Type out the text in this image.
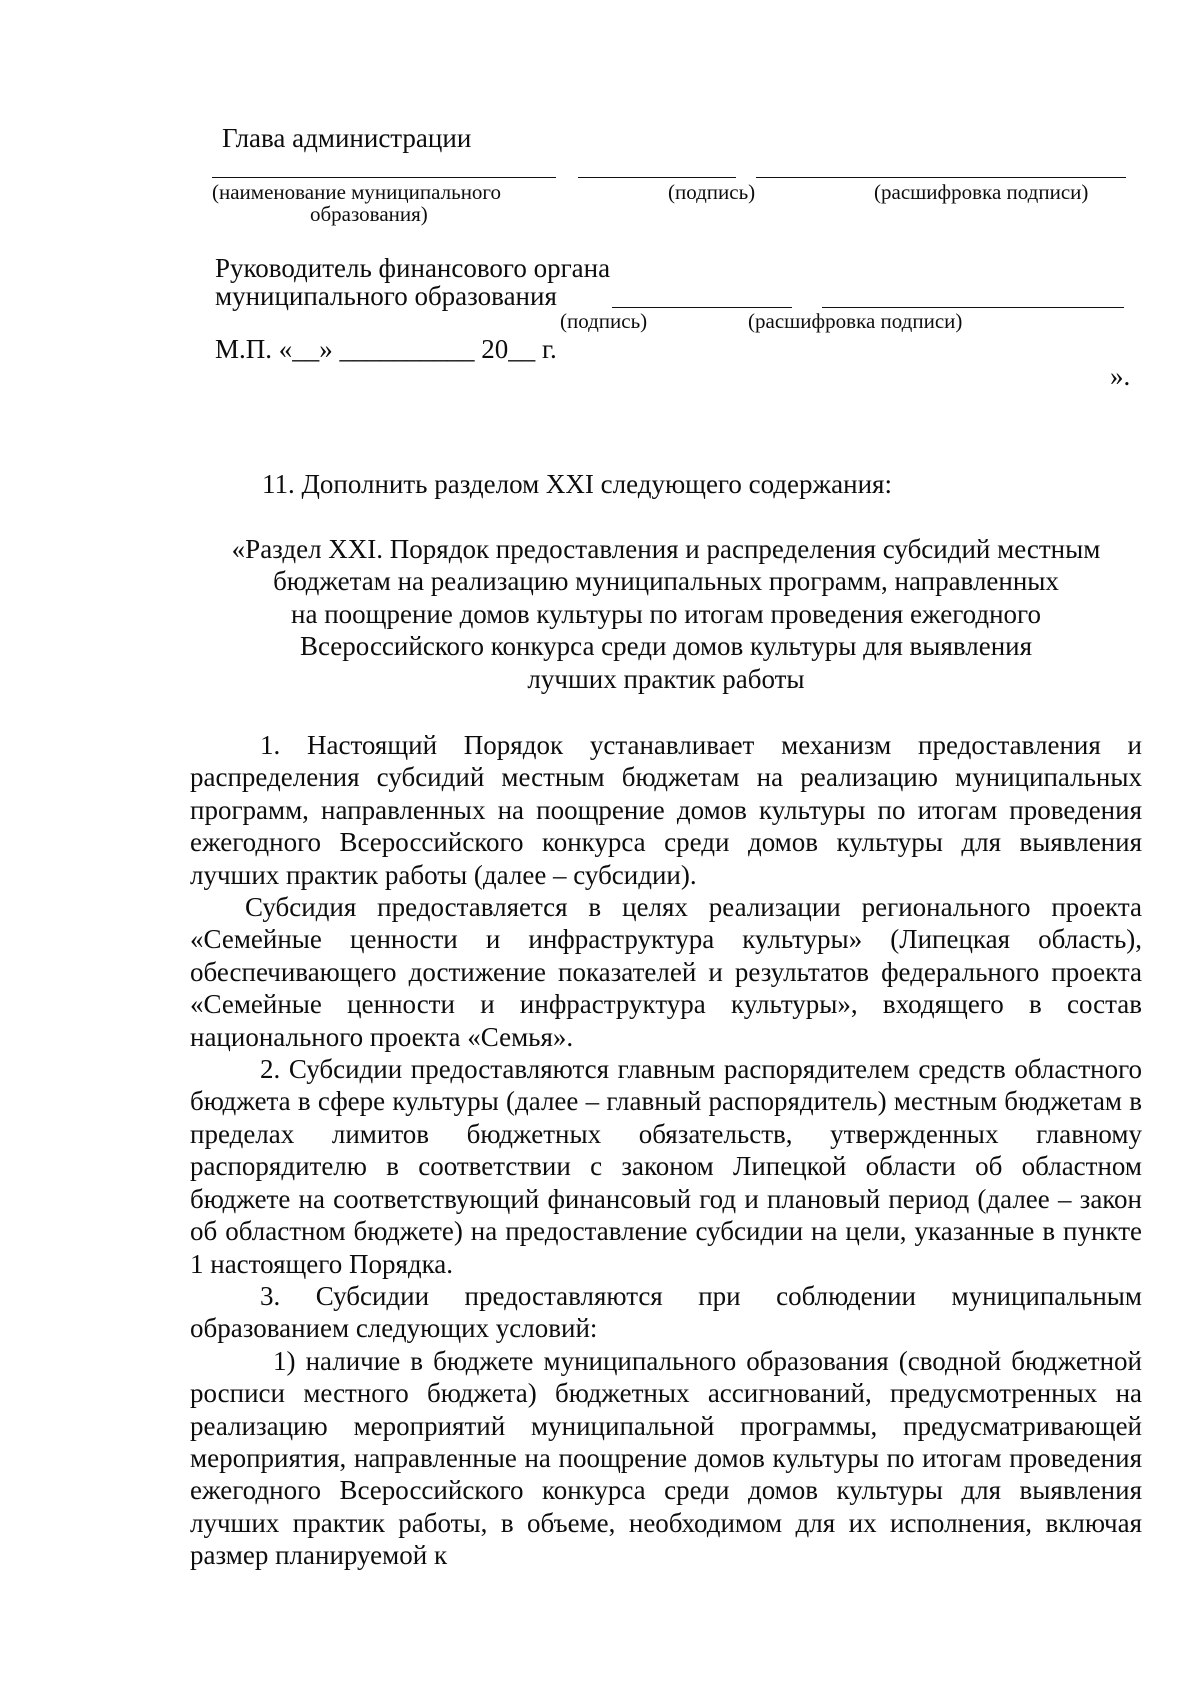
Глава администрации
(наименование муниципального
образования)
(подпись)	(расшифровка подписи)
Руководитель финансового органа
муниципального образования
(подпись)	(расшифровка подписи)
М.П. «__» __________ 20__ г.
».
11. Дополнить разделом XXI следующего содержания:
«Раздел XXI. Порядок предоставления и распределения субсидий местным
бюджетам на реализацию муниципальных программ, направленных
на поощрение домов культуры по итогам проведения ежегодного
Всероссийского конкурса среди домов культуры для выявления
лучших практик работы

1. Настоящий Порядок устанавливает механизм предоставления и распределения субсидий местным бюджетам на реализацию муниципальных программ, направленных на поощрение домов культуры по итогам проведения ежегодного Всероссийского конкурса среди домов культуры для выявления лучших практик работы (далее – субсидии).

Субсидия предоставляется в целях реализации регионального проекта «Семейные ценности и инфраструктура культуры» (Липецкая область), обеспечивающего достижение показателей и результатов федерального проекта «Семейные ценности и инфраструктура культуры», входящего в состав национального проекта «Семья».

2. Субсидии предоставляются главным распорядителем средств областного бюджета в сфере культуры (далее – главный распорядитель) местным бюджетам в пределах лимитов бюджетных обязательств, утвержденных главному распорядителю в соответствии с законом Липецкой области об областном бюджете на соответствующий финансовый год и плановый период (далее – закон об областном бюджете) на предоставление субсидии на цели, указанные в пункте 1 настоящего Порядка.

3. Субсидии предоставляются при соблюдении муниципальным образованием следующих условий:

1) наличие в бюджете муниципального образования (сводной бюджетной росписи местного бюджета) бюджетных ассигнований, предусмотренных на реализацию мероприятий муниципальной программы, предусматривающей мероприятия, направленные на поощрение домов культуры по итогам проведения ежегодного Всероссийского конкурса среди домов культуры для выявления лучших практик работы, в объеме, необходимом для их исполнения, включая размер планируемой к
